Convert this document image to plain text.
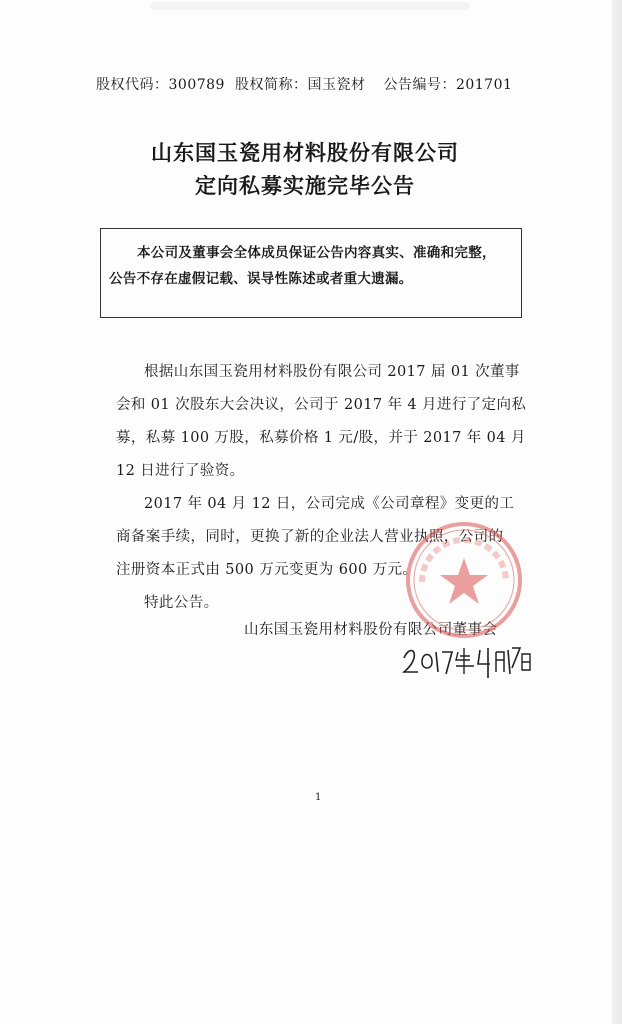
股权代码：300789 股权简称：国玉瓷材 公告编号：201701
山东国玉瓷用材料股份有限公司
定向私募实施完毕公告
本公司及董事会全体成员保证公告内容真实、准确和完整，
公告不存在虚假记载、误导性陈述或者重大遗漏。
根据山东国玉瓷用材料股份有限公司 2017 届 01 次董事
会和 01 次股东大会决议，公司于 2017 年 4 月进行了定向私
募，私募 100 万股，私募价格 1 元/股，并于 2017 年 04 月
12 日进行了验资。
2017 年 04 月 12 日，公司完成《公司章程》变更的工
商备案手续，同时，更换了新的企业法人营业执照，公司的
注册资本正式由 500 万元变更为 600 万元。
特此公告。
山东国玉瓷用材料股份有限公司董事会
1
